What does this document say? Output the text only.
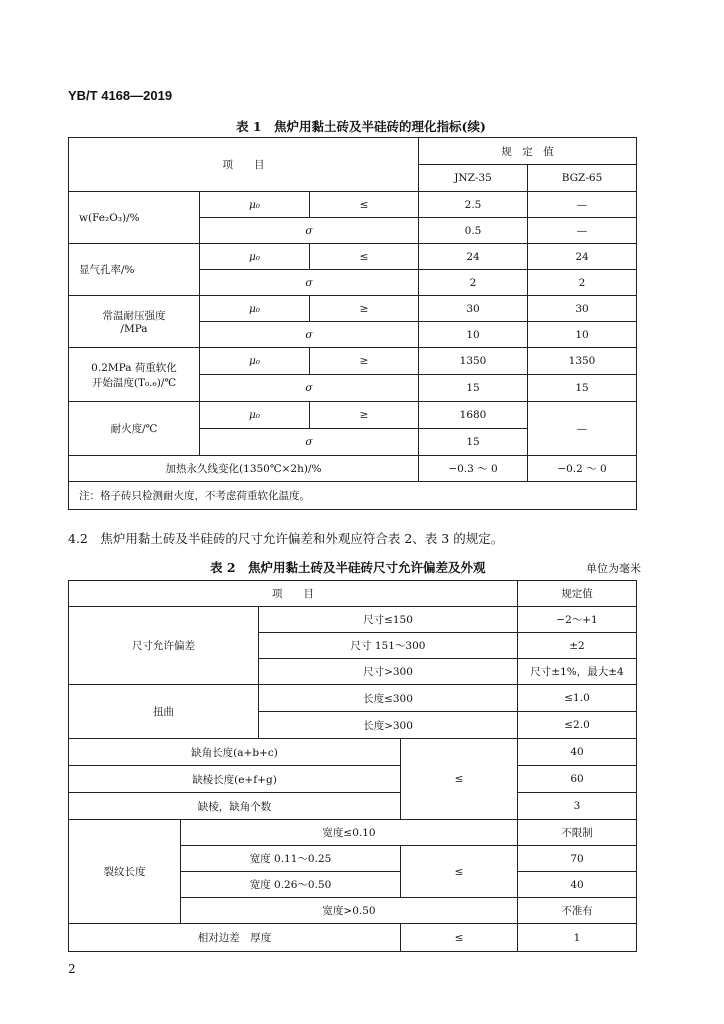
YB/T 4168—2019
表 1　焦炉用黏土砖及半硅砖的理化指标(续)
项　　目			规　定　值	
			JNZ-35	BGZ-65
w(Fe₂O₃)/%	μ₀	≤	2.5	—
	σ		0.5	—
显气孔率/%	μ₀	≤	24	24
	σ		2	2

常温耐压强度
/MPa	μ₀	≥	30	30
	σ		10	10

0.2MPa 荷重软化
开始温度(T₀.₆)/℃	μ₀	≥	1350	1350
	σ		15	15
耐火度/℃	μ₀	≥	1680	—
	σ		15	
加热永久线变化(1350℃×2h)/%			−0.3 ～ 0	−0.2 ～ 0
注：格子砖只检测耐火度，不考虑荷重软化温度。				
4.2　焦炉用黏土砖及半硅砖的尺寸允许偏差和外观应符合表 2、表 3 的规定。
表 2　焦炉用黏土砖及半硅砖尺寸允许偏差及外观	单位为毫米
项　　目				规定值
尺寸允许偏差		尺寸≤150		−2～+1
		尺寸 151～300		±2
		尺寸>300		尺寸±1%，最大±4
扭曲		长度≤300		≤1.0
		长度>300		≤2.0
缺角长度(a+b+c)			≤	40
缺棱长度(e+f+g)				60
缺棱，缺角个数				3
裂纹长度	宽度≤0.10			不限制
	宽度 0.11～0.25		≤	70
	宽度 0.26～0.50			40
	宽度>0.50			不准有
相对边差　厚度			≤	1
2
